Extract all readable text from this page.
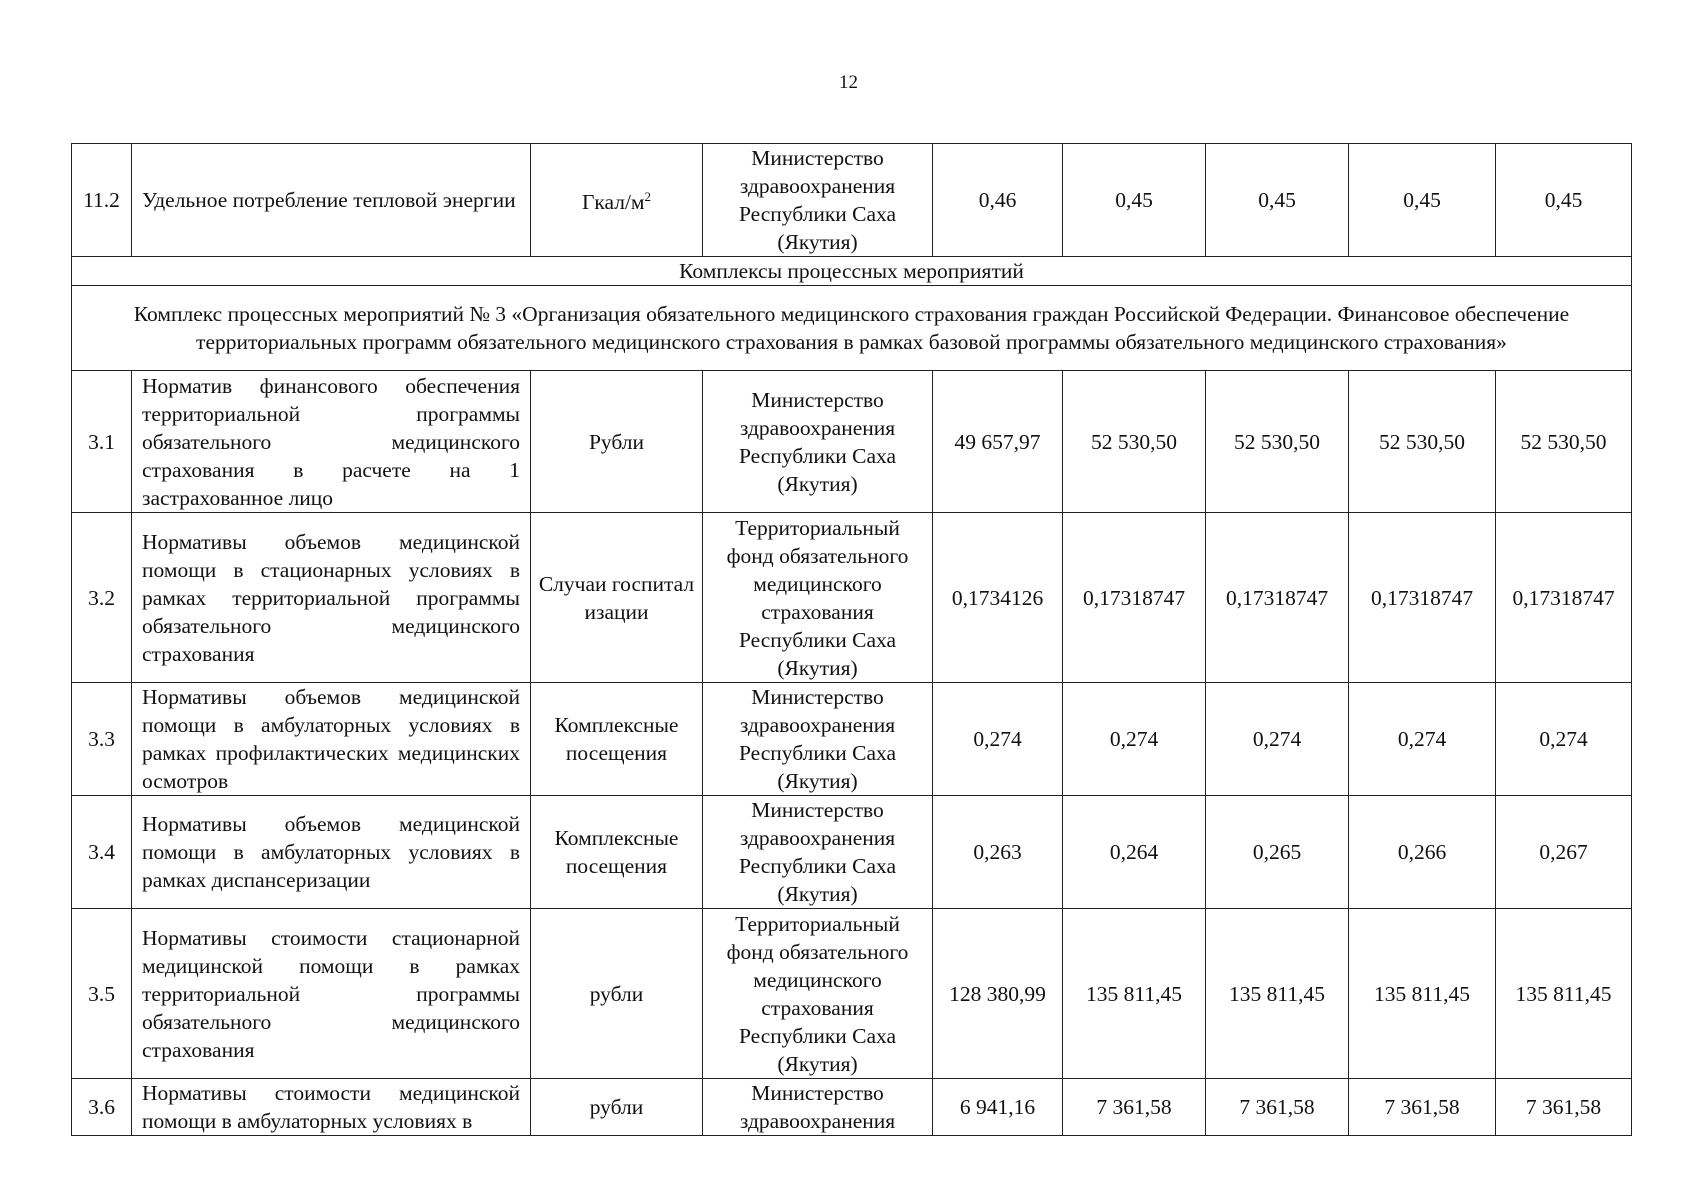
12
11.2	Удельное потребление тепловой энергии	Гкал/$м^2$	Министерство здравоохранения Республики Саха (Якутия)	0,46	0,45	0,45	0,45	0,45
Комплексы процессных мероприятий								
Комплекс процессных мероприятий № 3 «Организация обязательного медицинского страхования граждан Российской Федерации. Финансовое обеспечение территориальных программ обязательного медицинского страхования в рамках базовой программы обязательного медицинского страхования»								
3.1	Норматив финансового обеспечения территориальной программы обязательного медицинского страхования в расчете на 1 застрахованное лицо	Рубли	Министерство здравоохранения Республики Саха (Якутия)	49 657,97	52 530,50	52 530,50	52 530,50	52 530,50
3.2	Нормативы объемов медицинской помощи в стационарных условиях в рамках территориальной программы обязательного медицинского страхования	Случаи госпитализации	Территориальный фонд обязательного медицинского страхования Республики Саха (Якутия)	0,1734126	0,17318747	0,17318747	0,17318747	0,17318747
3.3	Нормативы объемов медицинской помощи в амбулаторных условиях в рамках профилактических медицинских осмотров	Комплексные посещения	Министерство здравоохранения Республики Саха (Якутия)	0,274	0,274	0,274	0,274	0,274
3.4	Нормативы объемов медицинской помощи в амбулаторных условиях в рамках диспансеризации	Комплексные посещения	Министерство здравоохранения Республики Саха (Якутия)	0,263	0,264	0,265	0,266	0,267
3.5	Нормативы стоимости стационарной медицинской помощи в рамках территориальной программы обязательного медицинского страхования	рубли	Территориальный фонд обязательного медицинского страхования Республики Саха (Якутия)	128 380,99	135 811,45	135 811,45	135 811,45	135 811,45
3.6	Нормативы стоимости медицинской помощи в амбулаторных условиях в	рубли	Министерство здравоохранения	6 941,16	7 361,58	7 361,58	7 361,58	7 361,58
